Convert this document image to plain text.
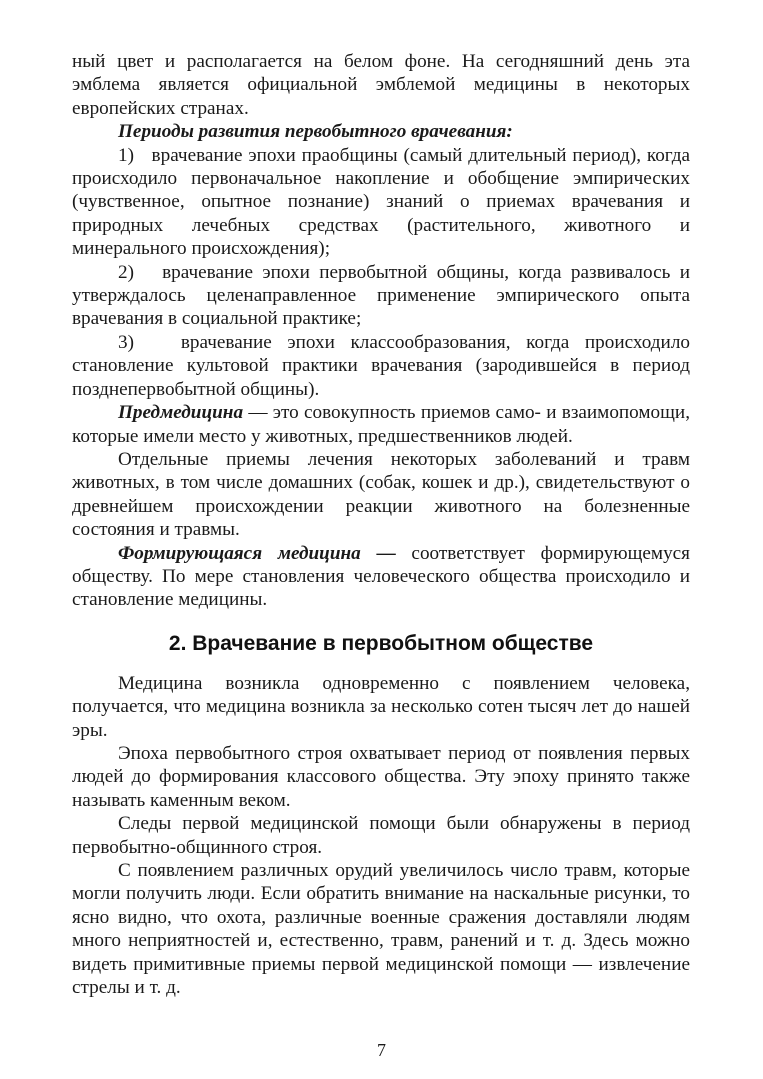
ный цвет и располагается на белом фоне. На сегодняшний день эта эмблема является официальной эмблемой медицины в некоторых европейских странах.

Периоды развития первобытного врачевания:

1)   врачевание эпохи праобщины (самый длительный период), когда происходило первоначальное накопление и обобщение эмпирических (чувственное, опытное познание) знаний о приемах врачевания и природных лечебных средствах (растительного, животного и минерального происхождения);

2)   врачевание эпохи первобытной общины, когда развивалось и утверждалось целенаправленное применение эмпирического опыта врачевания в социальной практике;

3)   врачевание эпохи классообразования, когда происходило становление культовой практики врачевания (зародившейся в период позднепервобытной общины).

Предмедицина — это совокупность приемов само- и взаимопомощи, которые имели место у животных, предшественников людей.

Отдельные приемы лечения некоторых заболеваний и травм животных, в том числе домашних (собак, кошек и др.), свидетельствуют о древнейшем происхождении реакции животного на болезненные состояния и травмы.

Формирующаяся медицина — соответствует формирующемуся обществу. По мере становления человеческого общества происходило и становление медицины.

2. Врачевание в первобытном обществе

Медицина возникла одновременно с появлением человека, получается, что медицина возникла за несколько сотен тысяч лет до нашей эры.

Эпоха первобытного строя охватывает период от появления первых людей до формирования классового общества. Эту эпоху принято также называть каменным веком.

Следы первой медицинской помощи были обнаружены в период первобытно-общинного строя.

С появлением различных орудий увеличилось число травм, которые могли получить люди. Если обратить внимание на наскальные рисунки, то ясно видно, что охота, различные военные сражения доставляли людям много неприятностей и, естественно, травм, ранений и т. д. Здесь можно видеть примитивные приемы первой медицинской помощи — извлечение стрелы и т. д.

7
